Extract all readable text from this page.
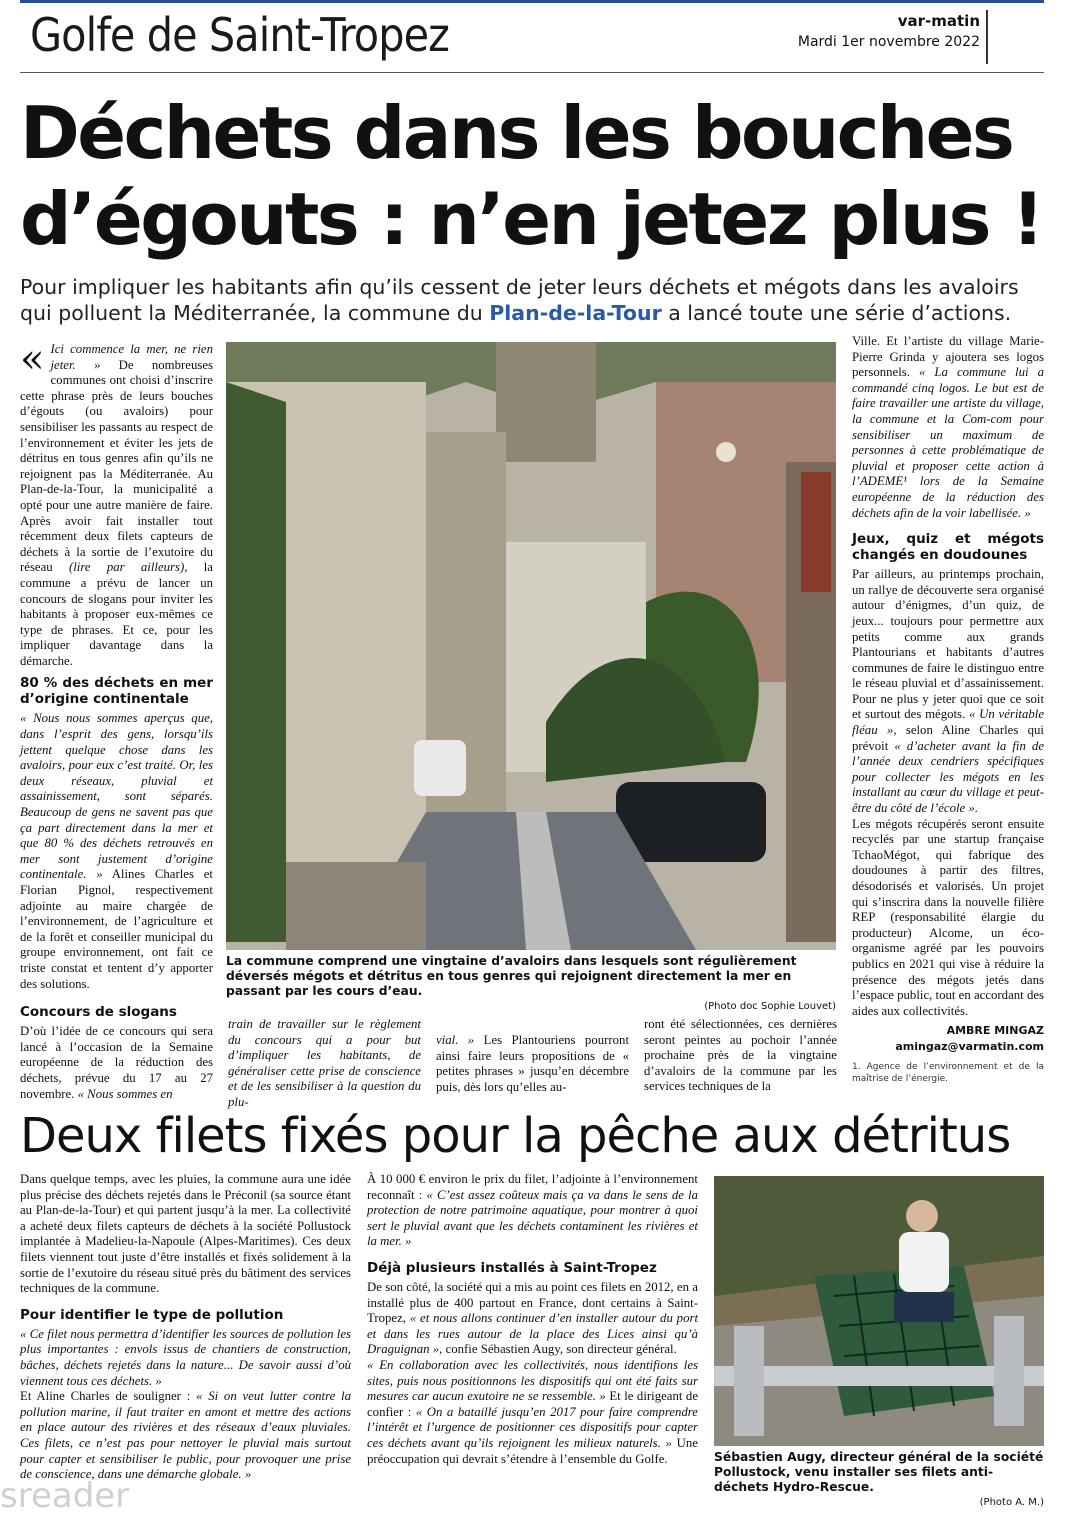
Golfe de Saint-Tropez	var-matin
Mardi 1er novembre 2022
Déchets dans les bouches d’égouts : n’en jetez plus !
Pour impliquer les habitants afin qu’ils cessent de jeter leurs déchets et mégots dans les avaloirs qui polluent la Méditerranée, la commune du Plan-de-la-Tour a lancé toute une série d’actions.
« Ici commence la mer, ne rien jeter. » De nombreuses communes ont choisi d’inscrire cette phrase près de leurs bouches d’égouts (ou avaloirs) pour sensibiliser les passants au respect de l’environnement et éviter les jets de détritus en tous genres afin qu’ils ne rejoignent pas la Méditerranée. Au Plan-de-la-Tour, la municipalité a opté pour une autre manière de faire. Après avoir fait installer tout récemment deux filets capteurs de déchets à la sortie de l’exutoire du réseau (lire par ailleurs), la commune a prévu de lancer un concours de slogans pour inviter les habitants à proposer eux-mêmes ce type de phrases. Et ce, pour les impliquer davantage dans la démarche.

80 % des déchets en mer d’origine continentale

« Nous nous sommes aperçus que, dans l’esprit des gens, lorsqu’ils jettent quelque chose dans les avaloirs, pour eux c’est traité. Or, les deux réseaux, pluvial et assainissement, sont séparés. Beaucoup de gens ne savent pas que ça part directement dans la mer et que 80 % des déchets retrouvés en mer sont justement d’origine continentale. » Alines Charles et Florian Pignol, respectivement adjointe au maire chargée de l’environnement, de l’agriculture et de la forêt et conseiller municipal du groupe environnement, ont fait ce triste constat et tentent d’y apporter des solutions.

Concours de slogans

D’où l’idée de ce concours qui sera lancé à l’occasion de la Semaine européenne de la réduction des déchets, prévue du 17 au 27 novembre. « Nous sommes en

La commune comprend une vingtaine d’avaloirs dans lesquels sont régulièrement déversés mégots et détritus en tous genres qui rejoignent directement la mer en passant par les cours d’eau.
(Photo doc Sophie Louvet)

train de travailler sur le règlement du concours qui a pour but d’impliquer les habitants, de généraliser cette prise de conscience et de les sensibiliser à la question du plu-

vial. » Les Plantouriens pourront ainsi faire leurs propositions de « petites phrases » jusqu’en décembre puis, dès lors qu’elles au-

ront été sélectionnées, ces dernières seront peintes au pochoir l’année prochaine près de la vingtaine d’avaloirs de la commune par les services techniques de la

Ville. Et l’artiste du village Marie-Pierre Grinda y ajoutera ses logos personnels. « La commune lui a commandé cinq logos. Le but est de faire travailler une artiste du village, la commune et la Com-com pour sensibiliser un maximum de personnes à cette problématique de pluvial et proposer cette action à l’ADEME¹ lors de la Semaine européenne de la réduction des déchets afin de la voir labellisée. »

Jeux, quiz et mégots changés en doudounes

Par ailleurs, au printemps prochain, un rallye de découverte sera organisé autour d’énigmes, d’un quiz, de jeux... toujours pour permettre aux petits comme aux grands Plantourians et habitants d’autres communes de faire le distinguo entre le réseau pluvial et d’assainissement. Pour ne plus y jeter quoi que ce soit et surtout des mégots. « Un véritable fléau », selon Aline Charles qui prévoit « d’acheter avant la fin de l’année deux cendriers spécifiques pour collecter les mégots en les installant au cœur du village et peut-être du côté de l’école ».

Les mégots récupérés seront ensuite recyclés par une startup française TchaoMégot, qui fabrique des doudounes à partir des filtres, désodorisés et valorisés. Un projet qui s’inscrira dans la nouvelle filière REP (responsabilité élargie du producteur) Alcome, un éco-organisme agréé par les pouvoirs publics en 2021 qui vise à réduire la présence des mégots jetés dans l’espace public, tout en accordant des aides aux collectivités.

AMBRE MINGAZ
amingaz@varmatin.com
1. Agence de l’environnement et de la maîtrise de l’énergie.
Deux filets fixés pour la pêche aux détritus

Dans quelque temps, avec les pluies, la commune aura une idée plus précise des déchets rejetés dans le Préconil (sa source étant au Plan-de-la-Tour) et qui partent jusqu’à la mer. La collectivité a acheté deux filets capteurs de déchets à la société Pollustock implantée à Madelieu-la-Napoule (Alpes-Maritimes). Ces deux filets viennent tout juste d’être installés et fixés solidement à la sortie de l’exutoire du réseau situé près du bâtiment des services techniques de la commune.

Pour identifier le type de pollution

« Ce filet nous permettra d’identifier les sources de pollution les plus importantes : envols issus de chantiers de construction, bâches, déchets rejetés dans la nature... De savoir aussi d’où viennent tous ces déchets. »

Et Aline Charles de souligner : « Si on veut lutter contre la pollution marine, il faut traiter en amont et mettre des actions en place autour des rivières et des réseaux d’eaux pluviales. Ces filets, ce n’est pas pour nettoyer le pluvial mais surtout pour capter et sensibiliser le public, pour provoquer une prise de conscience, dans une démarche globale. »

À 10 000 € environ le prix du filet, l’adjointe à l’environnement reconnaît : « C’est assez coûteux mais ça va dans le sens de la protection de notre patrimoine aquatique, pour montrer à quoi sert le pluvial avant que les déchets contaminent les rivières et la mer. »

Déjà plusieurs installés à Saint-Tropez

De son côté, la société qui a mis au point ces filets en 2012, en a installé plus de 400 partout en France, dont certains à Saint-Tropez, « et nous allons continuer d’en installer autour du port et dans les rues autour de la place des Lices ainsi qu’à Draguignan », confie Sébastien Augy, son directeur général.

« En collaboration avec les collectivités, nous identifions les sites, puis nous positionnons les dispositifs qui ont été faits sur mesures car aucun exutoire ne se ressemble. » Et le dirigeant de confier : « On a bataillé jusqu’en 2017 pour faire comprendre l’intérêt et l’urgence de positionner ces dispositifs pour capter ces déchets avant qu’ils rejoignent les milieux naturels. » Une préoccupation qui devrait s’étendre à l’ensemble du Golfe.	Sébastien Augy, directeur général de la société Pollustock, venu installer ses filets anti-déchets Hydro-Rescue.
(Photo A. M.)
sreader
